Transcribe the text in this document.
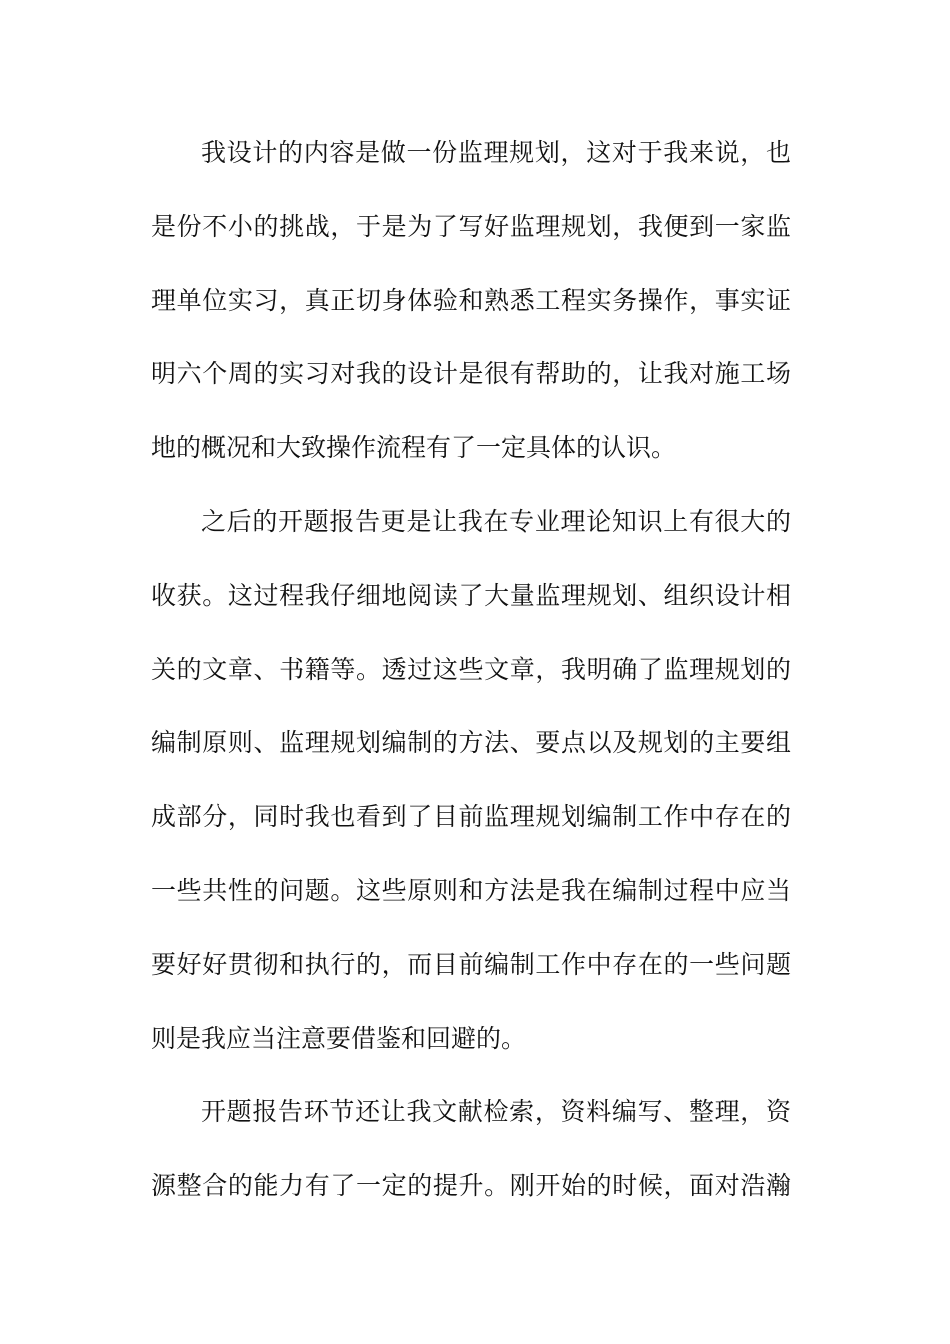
我设计的内容是做一份监理规划，这对于我来说，也
是份不小的挑战，于是为了写好监理规划，我便到一家监
理单位实习，真正切身体验和熟悉工程实务操作，事实证
明六个周的实习对我的设计是很有帮助的，让我对施工场
地的概况和大致操作流程有了一定具体的认识。
之后的开题报告更是让我在专业理论知识上有很大的
收获。这过程我仔细地阅读了大量监理规划、组织设计相
关的文章、书籍等。透过这些文章，我明确了监理规划的
编制原则、监理规划编制的方法、要点以及规划的主要组
成部分，同时我也看到了目前监理规划编制工作中存在的
一些共性的问题。这些原则和方法是我在编制过程中应当
要好好贯彻和执行的，而目前编制工作中存在的一些问题
则是我应当注意要借鉴和回避的。
开题报告环节还让我文献检索，资料编写、整理，资
源整合的能力有了一定的提升。刚开始的时候，面对浩瀚
